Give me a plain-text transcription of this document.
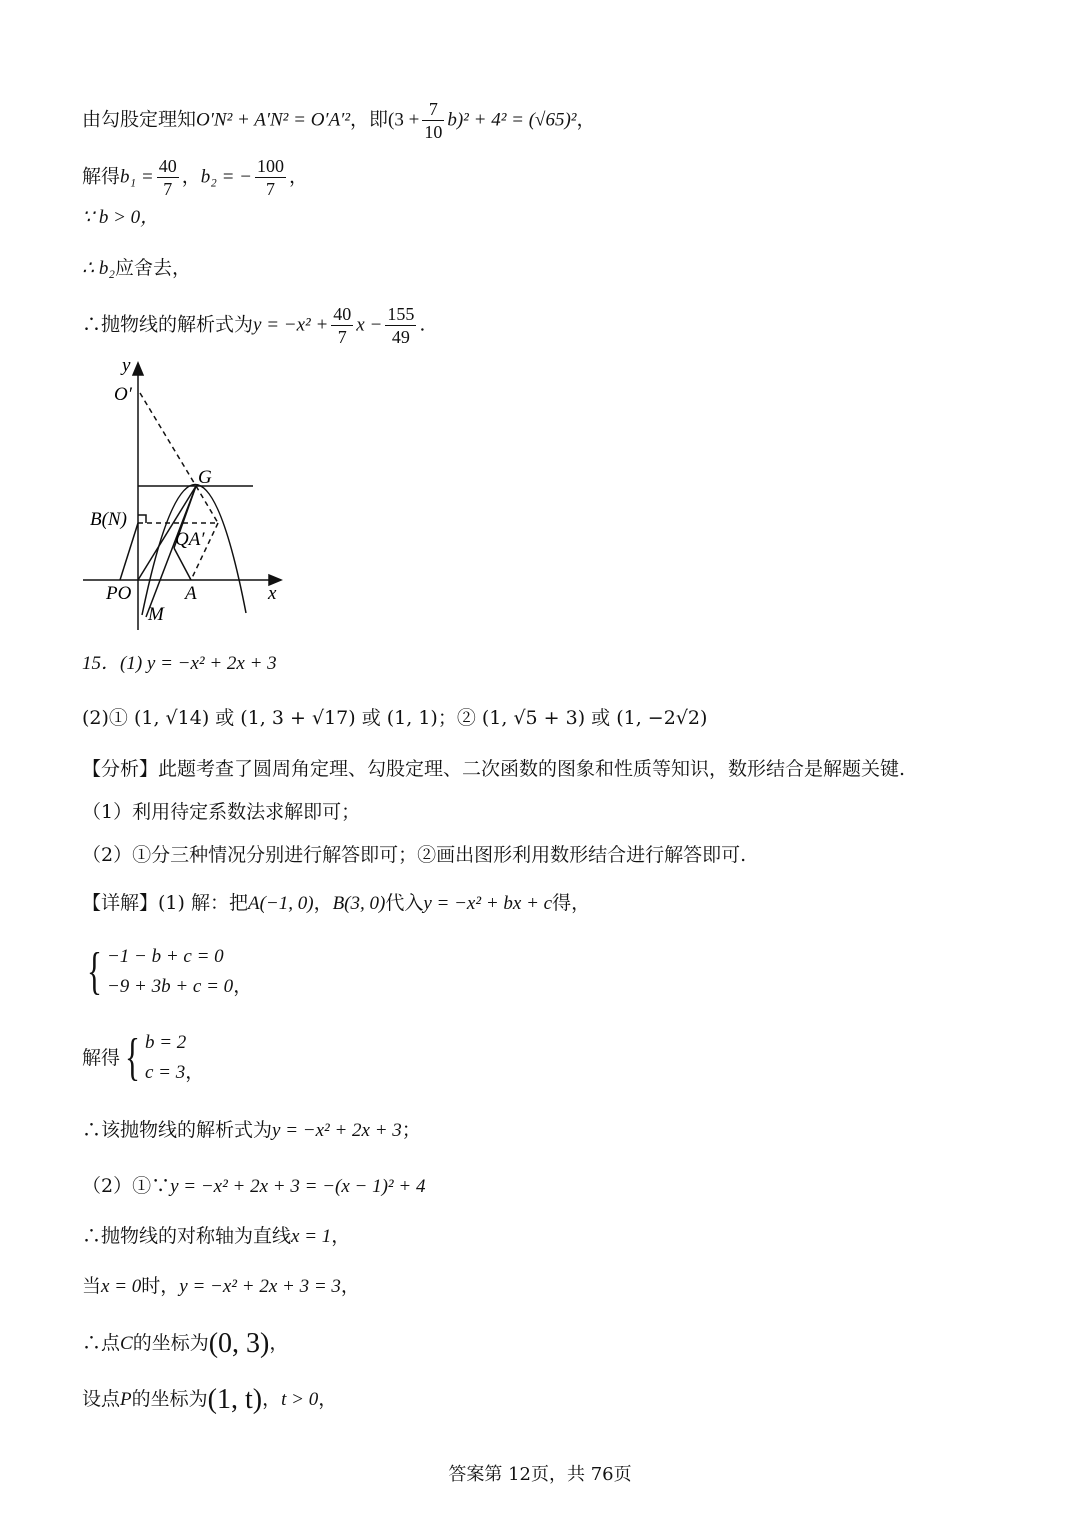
由勾股定理知O′N² + A′N² = O′A′²，即$(3 + \frac{7}{10} b)^2 + 4^2 = (√65)^2$，
解得$b_1 = \frac{40}{7}$ ，b₂ = − $\frac{100}{7}$ ，
∵ b > 0，
∴ b₂应舍去，
∴抛物线的解析式为$y = -x^2 + \frac{40}{7}$ $x - \frac{155}{49}$ .
y
O′
G
B(N)
QA′
PO	A	x
M
15．(1) y = −x² + 2x + 3
(2)① (1, √14) 或 (1, 3 + √17) 或 (1, 1)；② (1, √5 + 3) 或 (1, −2√2)
【分析】此题考查了圆周角定理、勾股定理、二次函数的图象和性质等知识，数形结合是解题关键.
（1）利用待定系数法求解即可；
（2）①分三种情况分别进行解答即可；②画出图形利用数形结合进行解答即可.
【详解】(1) 解：把A(−1, 0)，B(3, 0)代入y = −x² + bx + c得，
{ −1 − b + c = 0
−9 + 3b + c = 0，
解得{ b = 2
c = 3，
∴该抛物线的解析式为y = −x² + 2x + 3；
（2）①∵y = −x² + 2x + 3 = −(x − 1)² + 4
∴抛物线的对称轴为直线x = 1，
当x = 0时，y = −x² + 2x + 3 = 3，
∴点C的坐标为(0, 3)，
设点P的坐标为(1, t)，t > 0，
答案第 12页，共 76页
